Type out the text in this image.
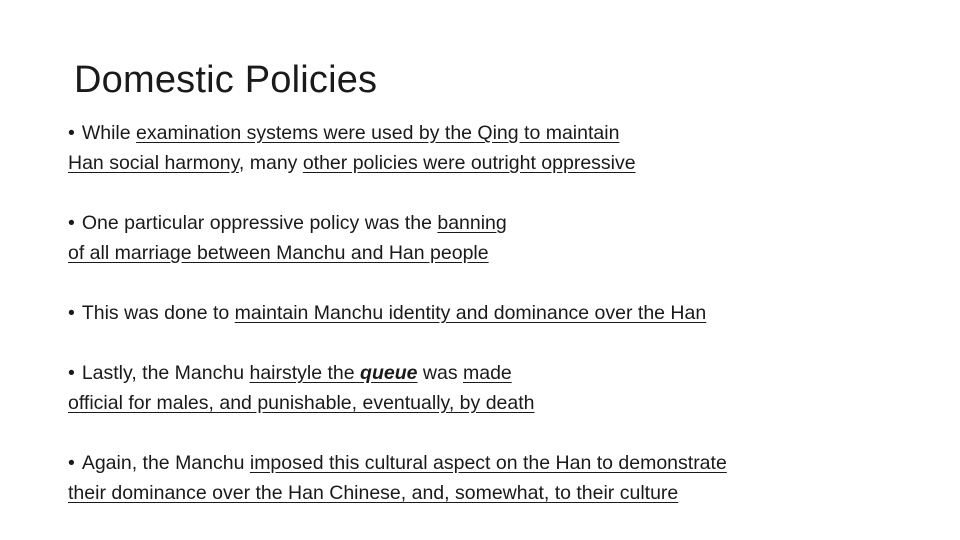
Domestic Policies
• While examination systems were used by the Qing to maintain
Han social harmony, many other policies were outright oppressive
• One particular oppressive policy was the banning
of all marriage between Manchu and Han people
• This was done to maintain Manchu identity and dominance over the Han
• Lastly, the Manchu hairstyle the queue was made
official for males, and punishable, eventually, by death
• Again, the Manchu imposed this cultural aspect on the Han to demonstrate
their dominance over the Han Chinese, and, somewhat, to their culture
